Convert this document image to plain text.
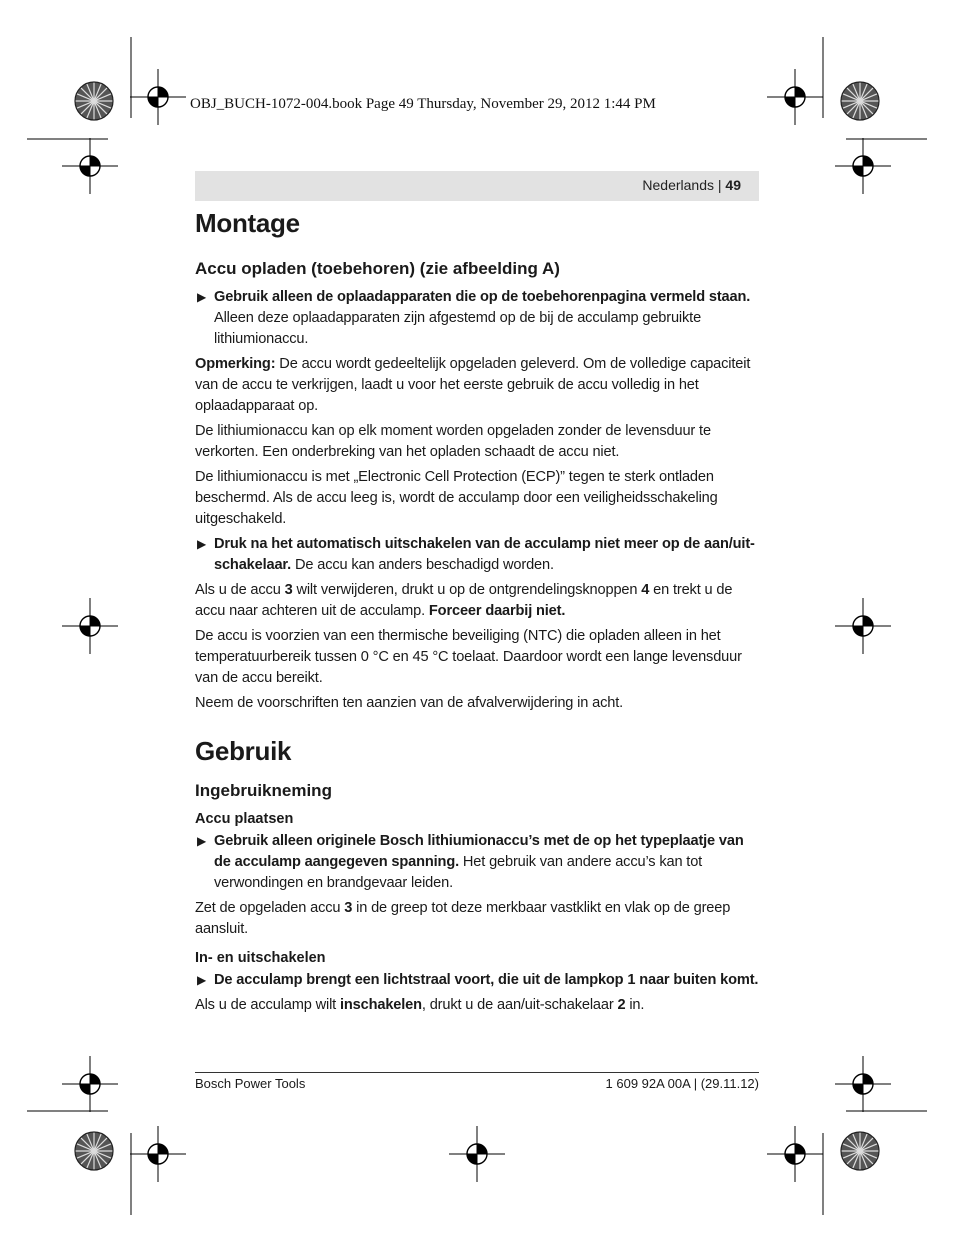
OBJ_BUCH-1072-004.book Page 49 Thursday, November 29, 2012 1:44 PM
Nederlands | 49
Montage
Accu opladen (toebehoren) (zie afbeelding A)

▶ Gebruik alleen de oplaadapparaten die op de toebehorenpagina vermeld staan. Alleen deze oplaadapparaten zijn afgestemd op de bij de acculamp gebruikte lithiumionaccu.

Opmerking: De accu wordt gedeeltelijk opgeladen geleverd. Om de volledige capaciteit van de accu te verkrijgen, laadt u voor het eerste gebruik de accu volledig in het oplaadapparaat op.

De lithiumionaccu kan op elk moment worden opgeladen zonder de levensduur te verkorten. Een onderbreking van het opladen schaadt de accu niet.

De lithiumionaccu is met „Electronic Cell Protection (ECP)” tegen te sterk ontladen beschermd. Als de accu leeg is, wordt de acculamp door een veiligheidsschakeling uitgeschakeld.

▶ Druk na het automatisch uitschakelen van de acculamp niet meer op de aan/uit-schakelaar. De accu kan anders beschadigd worden.

Als u de accu 3 wilt verwijderen, drukt u op de ontgrendelingsknoppen 4 en trekt u de accu naar achteren uit de acculamp. Forceer daarbij niet.

De accu is voorzien van een thermische beveiliging (NTC) die opladen alleen in het temperatuurbereik tussen 0 °C en 45 °C toelaat. Daardoor wordt een lange levensduur van de accu bereikt.

Neem de voorschriften ten aanzien van de afvalverwijdering in acht.

Gebruik
Ingebruikneming
Accu plaatsen

▶ Gebruik alleen originele Bosch lithiumionaccu’s met de op het typeplaatje van de acculamp aangegeven spanning. Het gebruik van andere accu’s kan tot verwondingen en brandgevaar leiden.

Zet de opgeladen accu 3 in de greep tot deze merkbaar vastklikt en vlak op de greep aansluit.

In- en uitschakelen

▶ De acculamp brengt een lichtstraal voort, die uit de lampkop 1 naar buiten komt.

Als u de acculamp wilt inschakelen, drukt u de aan/uit-schakelaar 2 in.

Bosch Power Tools	1 609 92A 00A | (29.11.12)
